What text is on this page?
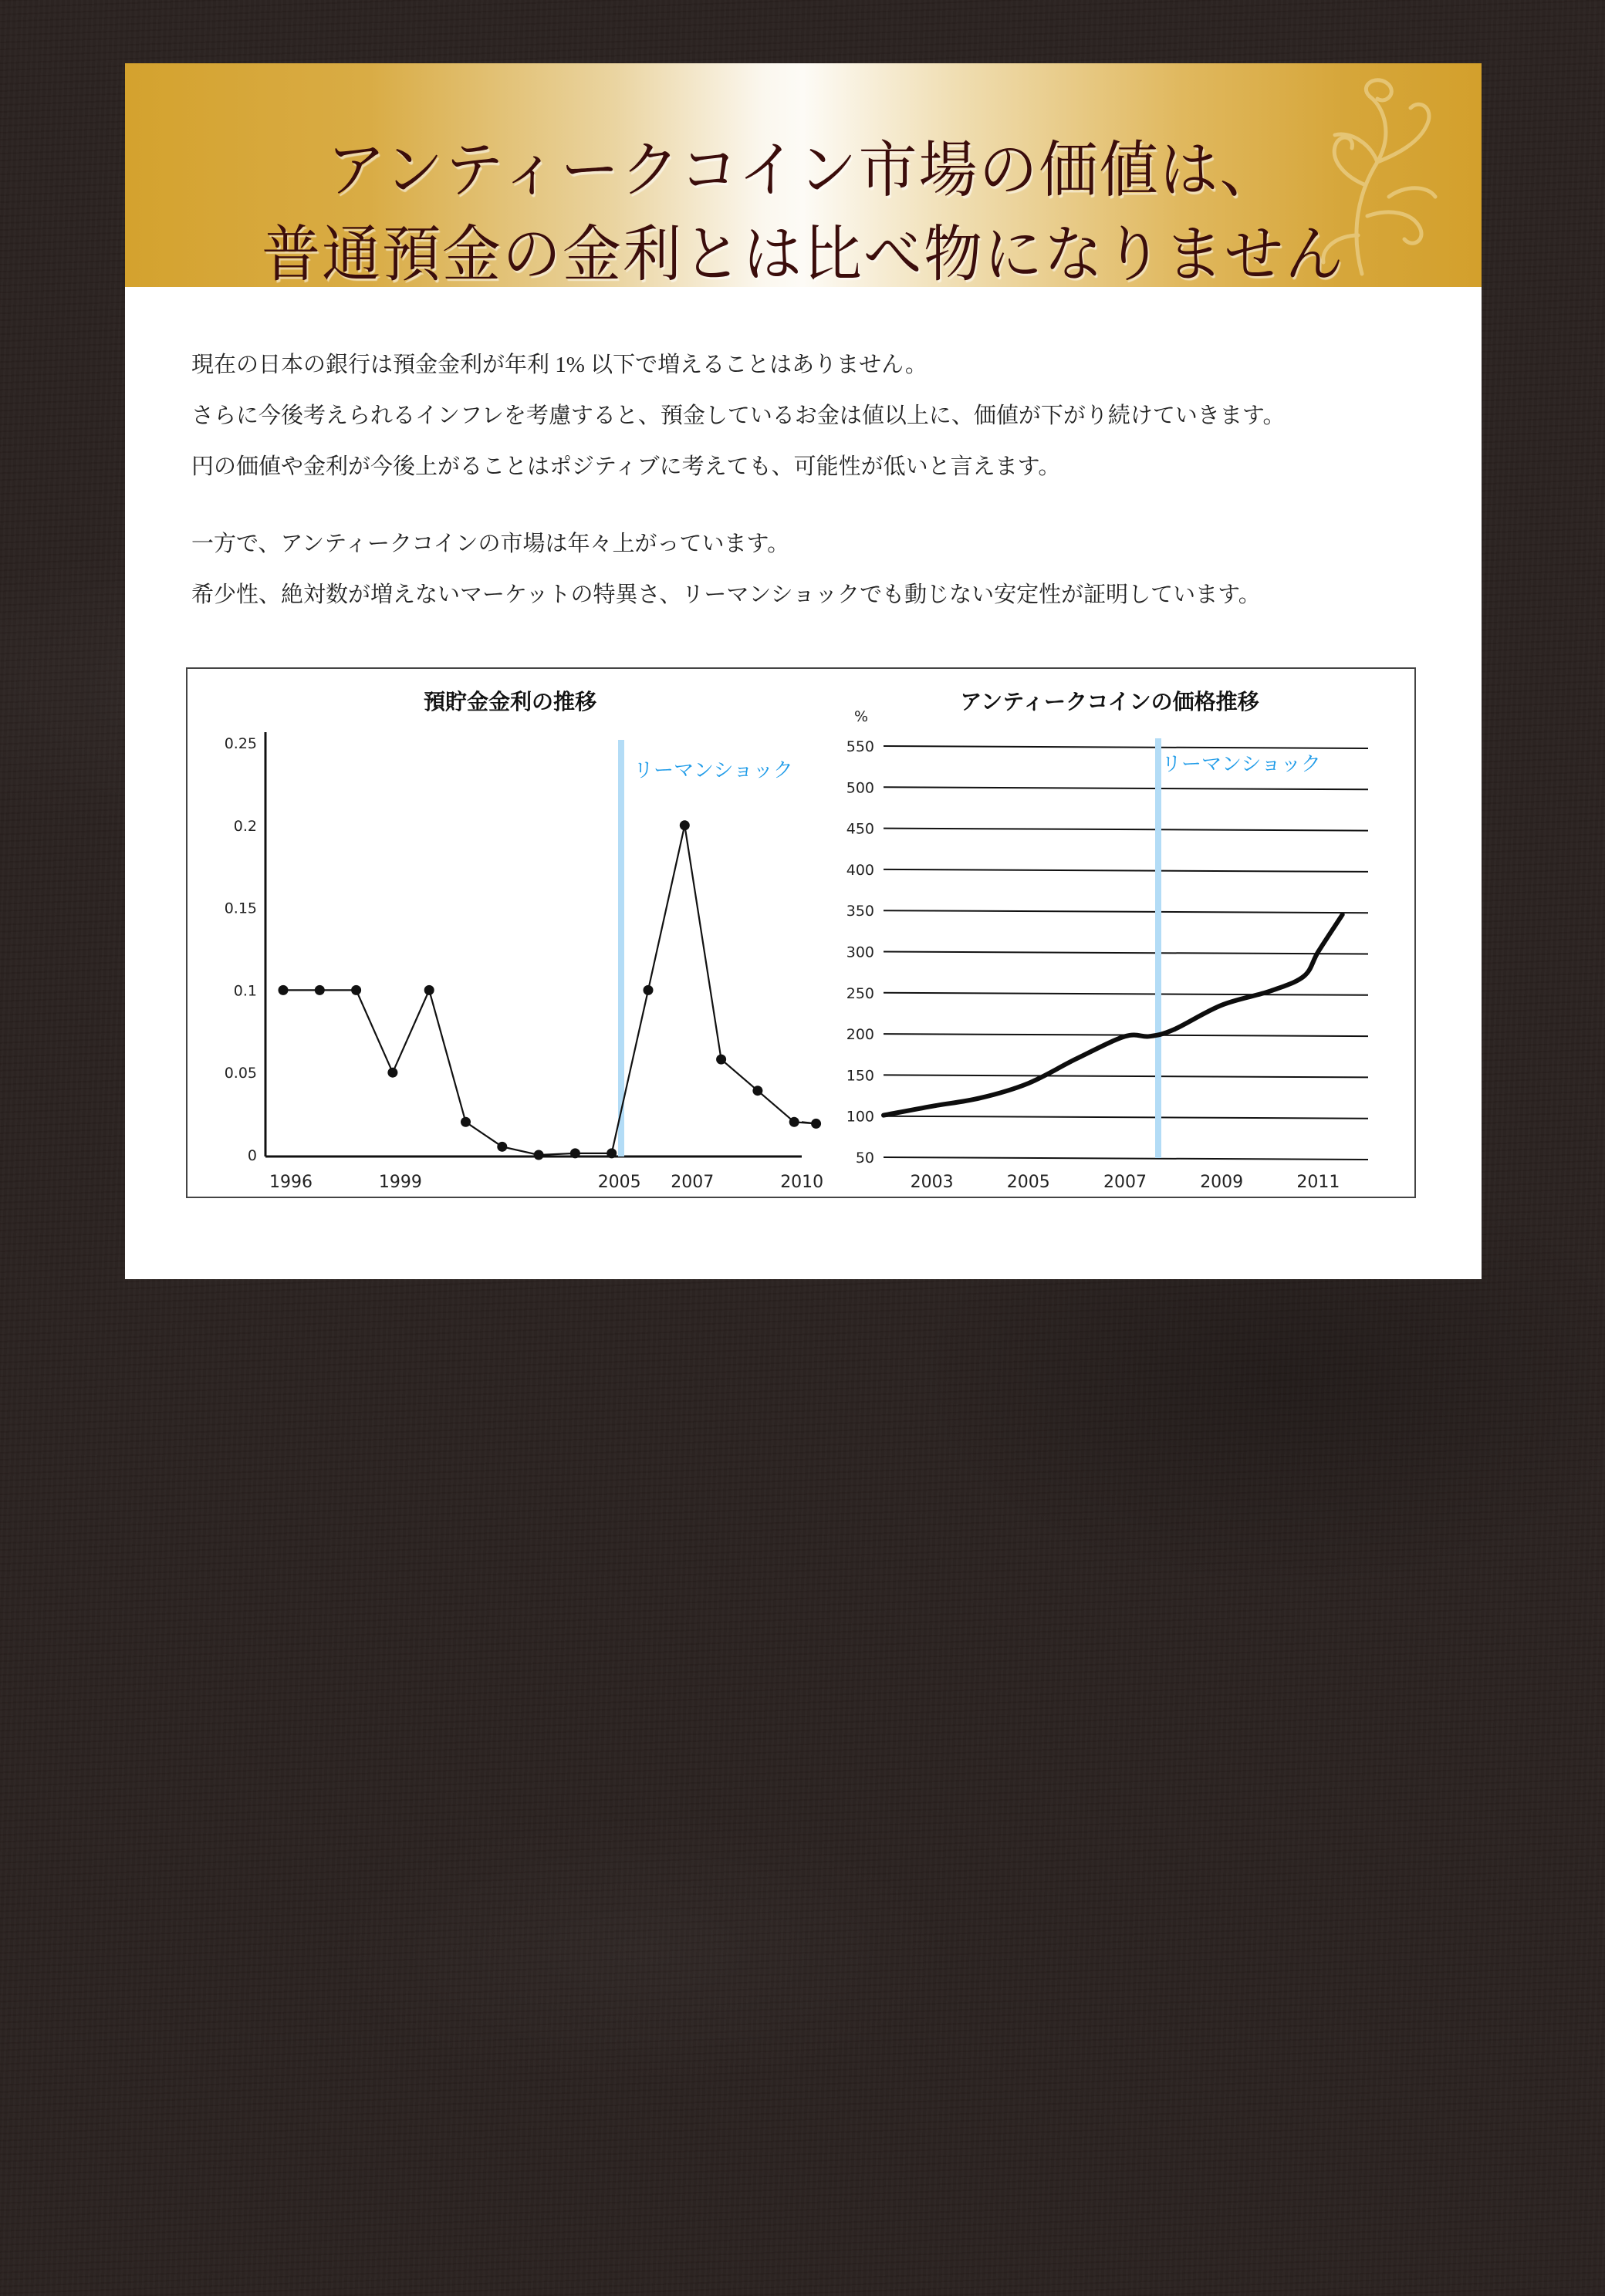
アンティークコイン市場の価値は、
普通預金の金利とは比べ物になりません

現在の日本の銀行は預金金利が年利 1% 以下で増えることはありません。

さらに今後考えられるインフレを考慮すると、預金しているお金は値以上に、価値が下がり続けていきます。

円の価値や金利が今後上がることはポジティブに考えても、可能性が低いと言えます。

一方で、アンティークコインの市場は年々上がっています。

希少性、絶対数が増えないマーケットの特異さ、リーマンショックでも動じない安定性が証明しています。

預貯金金利の推移
0.25
0.2
0.15
0.1
0.05
0
リーマンショック
1996	1999	2005 2007	2010
アンティークコインの価格推移
%
550
500
450
400
350
300
250
200
150
100
50
リーマンショック
2003	2005	2007	2009	2011
